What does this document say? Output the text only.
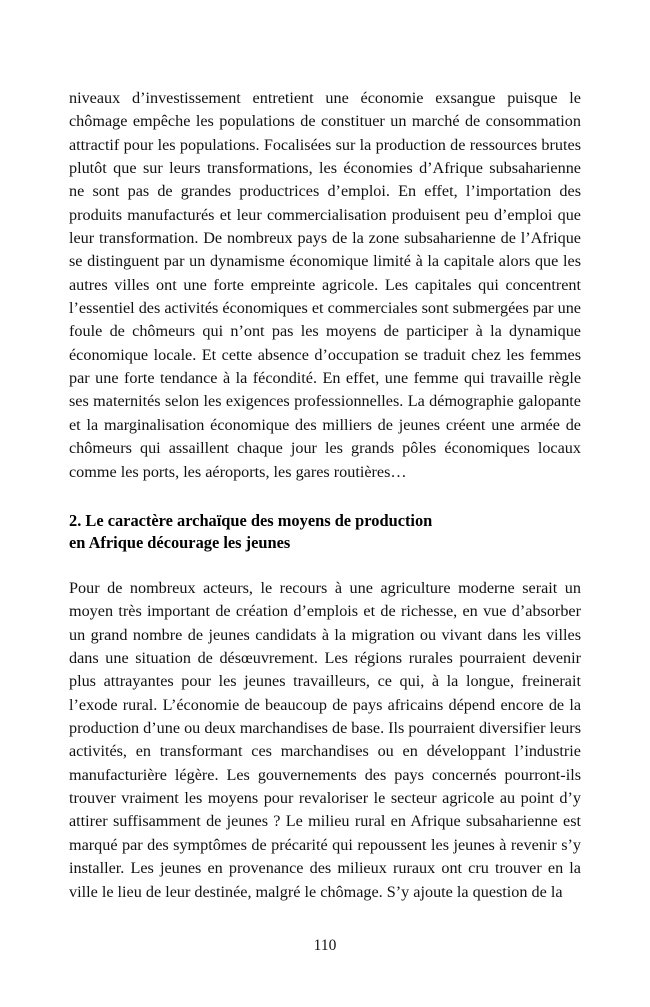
niveaux d’investissement entretient une économie exsangue puisque le chômage empêche les populations de constituer un marché de consommation attractif pour les populations. Focalisées sur la production de ressources brutes plutôt que sur leurs transformations, les économies d’Afrique subsaharienne ne sont pas de grandes productrices d’emploi. En effet, l’importation des produits manufacturés et leur commercialisation produisent peu d’emploi que leur transformation. De nombreux pays de la zone subsaharienne de l’Afrique se distinguent par un dynamisme économique limité à la capitale alors que les autres villes ont une forte empreinte agricole. Les capitales qui concentrent l’essentiel des activités économiques et commerciales sont submergées par une foule de chômeurs qui n’ont pas les moyens de participer à la dynamique économique locale. Et cette absence d’occupation se traduit chez les femmes par une forte tendance à la fécondité. En effet, une femme qui travaille règle ses maternités selon les exigences professionnelles. La démographie galopante et la marginalisation économique des milliers de jeunes créent une armée de chômeurs qui assaillent chaque jour les grands pôles économiques locaux comme les ports, les aéroports, les gares routières…

2. Le caractère archaïque des moyens de production
en Afrique décourage les jeunes

Pour de nombreux acteurs, le recours à une agriculture moderne serait un moyen très important de création d’emplois et de richesse, en vue d’absorber un grand nombre de jeunes candidats à la migration ou vivant dans les villes dans une situation de désœuvrement. Les régions rurales pourraient devenir plus attrayantes pour les jeunes travailleurs, ce qui, à la longue, freinerait l’exode rural. L’économie de beaucoup de pays africains dépend encore de la production d’une ou deux marchandises de base. Ils pourraient diversifier leurs activités, en transformant ces marchandises ou en développant l’industrie manufacturière légère. Les gouvernements des pays concernés pourront-ils trouver vraiment les moyens pour revaloriser le secteur agricole au point d’y attirer suffisamment de jeunes ? Le milieu rural en Afrique subsaharienne est marqué par des symptômes de précarité qui repoussent les jeunes à revenir s’y installer. Les jeunes en provenance des milieux ruraux ont cru trouver en la ville le lieu de leur destinée, malgré le chômage. S’y ajoute la question de la

110
